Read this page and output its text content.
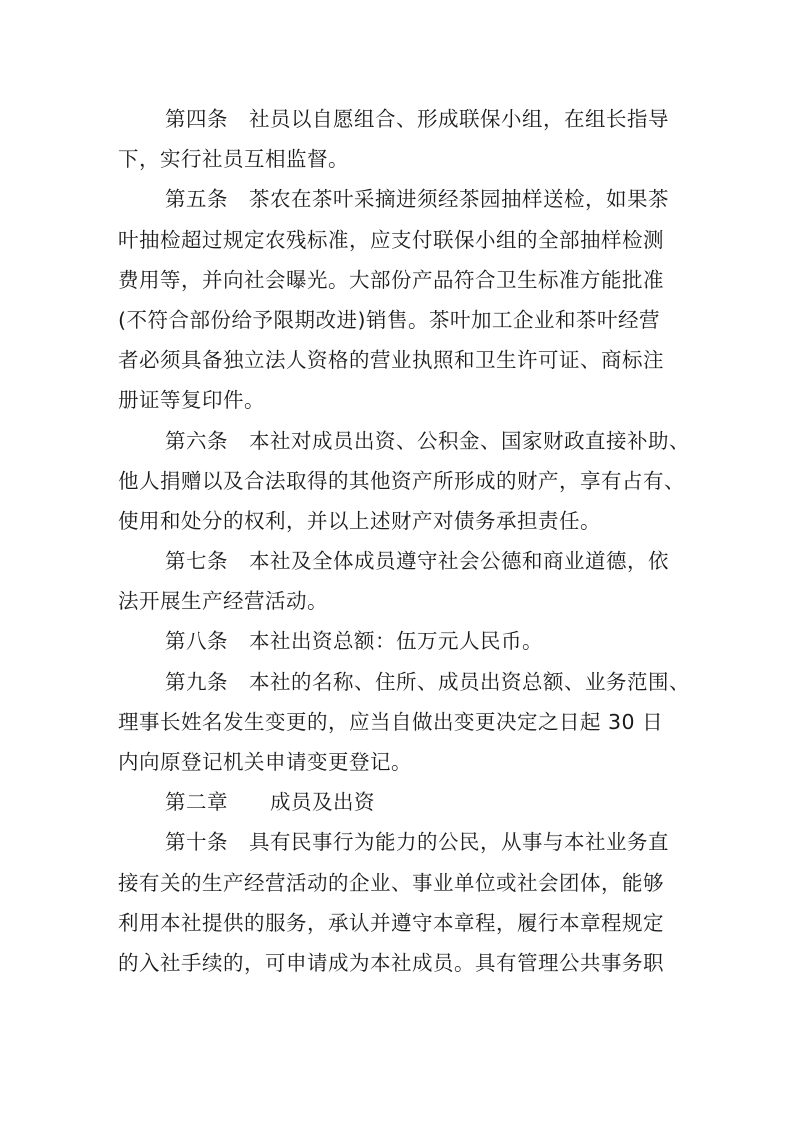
第四条　社员以自愿组合、形成联保小组，在组长指导
下，实行社员互相监督。
第五条　茶农在茶叶采摘进须经茶园抽样送检，如果茶
叶抽检超过规定农残标准，应支付联保小组的全部抽样检测
费用等，并向社会曝光。大部份产品符合卫生标准方能批准
(不符合部份给予限期改进)销售。茶叶加工企业和茶叶经营
者必须具备独立法人资格的营业执照和卫生许可证、商标注
册证等复印件。
第六条　本社对成员出资、公积金、国家财政直接补助、
他人捐赠以及合法取得的其他资产所形成的财产，享有占有、
使用和处分的权利，并以上述财产对债务承担责任。
第七条　本社及全体成员遵守社会公德和商业道德，依
法开展生产经营活动。
第八条　本社出资总额：伍万元人民币。
第九条　本社的名称、住所、成员出资总额、业务范围、
理事长姓名发生变更的，应当自做出变更决定之日起 30 日
内向原登记机关申请变更登记。
第二章　　成员及出资
第十条　具有民事行为能力的公民，从事与本社业务直
接有关的生产经营活动的企业、事业单位或社会团体，能够
利用本社提供的服务，承认并遵守本章程，履行本章程规定
的入社手续的，可申请成为本社成员。具有管理公共事务职
